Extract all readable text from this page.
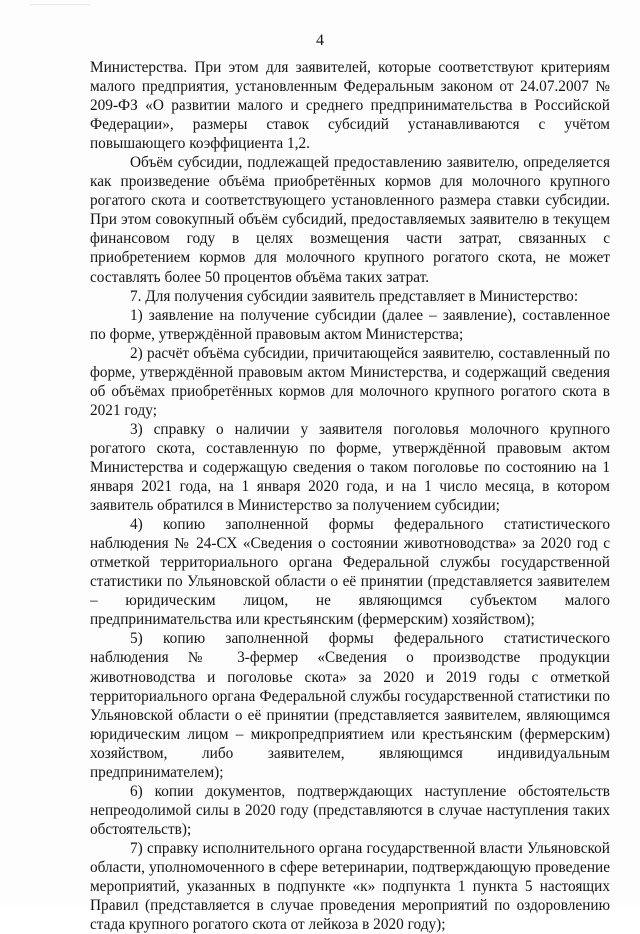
4

Министерства. При этом для заявителей, которые соответствуют критериям малого предприятия, установленным Федеральным законом от 24.07.2007 № 209-ФЗ «О развитии малого и среднего предпринимательства в Российской Федерации», размеры ставок субсидий устанавливаются с учётом повышающего коэффициента 1,2.

Объём субсидии, подлежащей предоставлению заявителю, определяется как произведение объёма приобретённых кормов для молочного крупного рогатого скота и соответствующего установленного размера ставки субсидии. При этом совокупный объём субсидий, предоставляемых заявителю в текущем финансовом году в целях возмещения части затрат, связанных с приобретением кормов для молочного крупного рогатого скота, не может составлять более 50 процентов объёма таких затрат.

7. Для получения субсидии заявитель представляет в Министерство:

1) заявление на получение субсидии (далее – заявление), составленное по форме, утверждённой правовым актом Министерства;

2) расчёт объёма субсидии, причитающейся заявителю, составленный по форме, утверждённой правовым актом Министерства, и содержащий сведения об объёмах приобретённых кормов для молочного крупного рогатого скота в 2021 году;

3) справку о наличии у заявителя поголовья молочного крупного рогатого скота, составленную по форме, утверждённой правовым актом Министерства и содержащую сведения о таком поголовье по состоянию на 1 января 2021 года, на 1 января 2020 года, и на 1 число месяца, в котором заявитель обратился в Министерство за получением субсидии;

4) копию заполненной формы федерального статистического наблюдения № 24-СХ «Сведения о состоянии животноводства» за 2020 год с отметкой территориального органа Федеральной службы государственной статистики по Ульяновской области о её принятии (представляется заявителем – юридическим лицом, не являющимся субъектом малого предпринимательства или крестьянским (фермерским) хозяйством);

5) копию заполненной формы федерального статистического наблюдения № 3-фермер «Сведения о производстве продукции животноводства и поголовье скота» за 2020 и 2019 годы с отметкой территориального органа Федеральной службы государственной статистики по Ульяновской области о её принятии (представляется заявителем, являющимся юридическим лицом – микропредприятием или крестьянским (фермерским) хозяйством, либо заявителем, являющимся индивидуальным предпринимателем);

6) копии документов, подтверждающих наступление обстоятельств непреодолимой силы в 2020 году (представляются в случае наступления таких обстоятельств);

7) справку исполнительного органа государственной власти Ульяновской области, уполномоченного в сфере ветеринарии, подтверждающую проведение мероприятий, указанных в подпункте «к» подпункта 1 пункта 5 настоящих Правил (представляется в случае проведения мероприятий по оздоровлению стада крупного рогатого скота от лейкоза в 2020 году);
